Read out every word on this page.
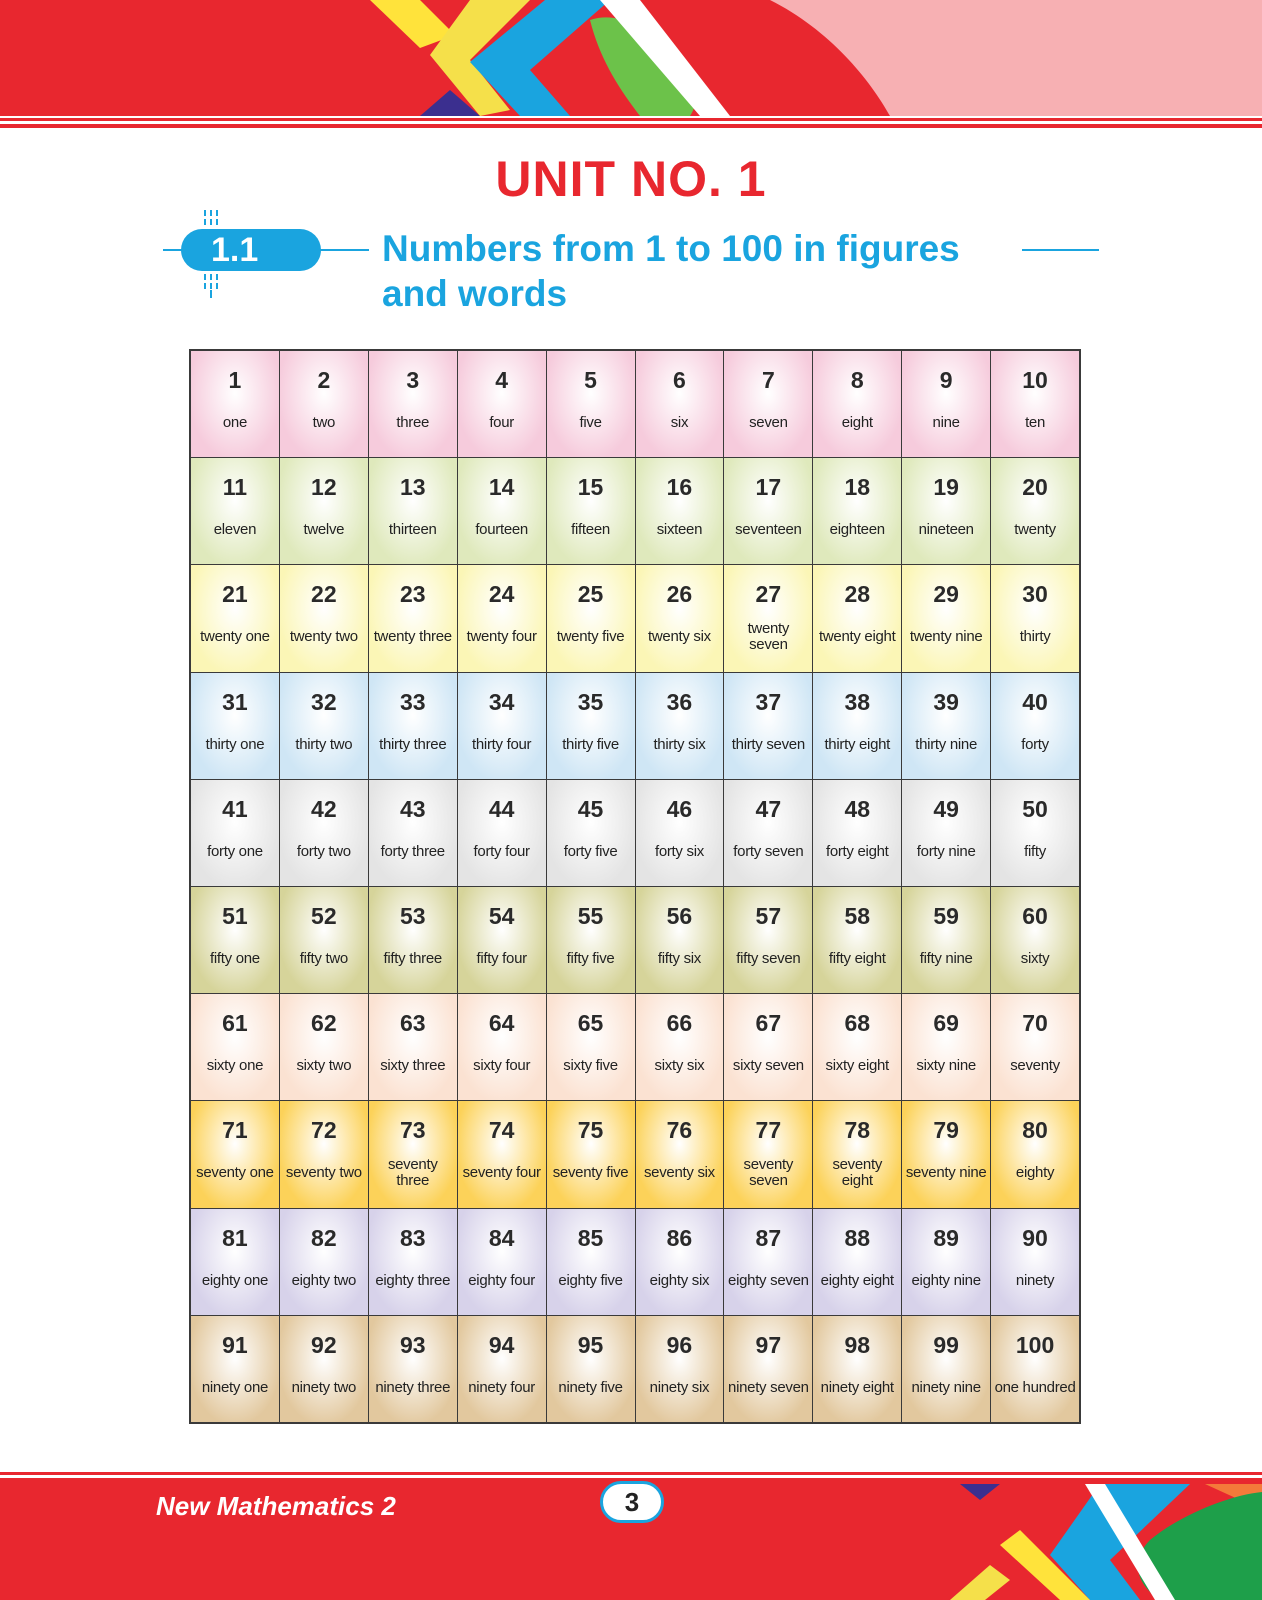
UNIT NO. 1
1.1	Numbers from 1 to 100 in figures and words
1
one
2
two
3
three
4
four
5
five
6
six
7
seven
8
eight
9
nine
10
ten
11
eleven
12
twelve
13
thirteen
14
fourteen
15
fifteen
16
sixteen
17
seventeen
18
eighteen
19
nineteen
20
twenty
21
twenty one
22
twenty two
23
twenty three
24
twenty four
25
twenty five
26
twenty six
27
twenty seven
28
twenty eight
29
twenty nine
30
thirty
31
thirty one
32
thirty two
33
thirty three
34
thirty four
35
thirty five
36
thirty six
37
thirty seven
38
thirty eight
39
thirty nine
40
forty
41
forty one
42
forty two
43
forty three
44
forty four
45
forty five
46
forty six
47
forty seven
48
forty eight
49
forty nine
50
fifty
51
fifty one
52
fifty two
53
fifty three
54
fifty four
55
fifty five
56
fifty six
57
fifty seven
58
fifty eight
59
fifty nine
60
sixty
61
sixty one
62
sixty two
63
sixty three
64
sixty four
65
sixty five
66
sixty six
67
sixty seven
68
sixty eight
69
sixty nine
70
seventy
71
seventy one
72
seventy two
73
seventy three
74
seventy four
75
seventy five
76
seventy six
77
seventy seven
78
seventy eight
79
seventy nine
80
eighty
81
eighty one
82
eighty two
83
eighty three
84
eighty four
85
eighty five
86
eighty six
87
eighty seven
88
eighty eight
89
eighty nine
90
ninety
91
ninety one
92
ninety two
93
ninety three
94
ninety four
95
ninety five
96
ninety six
97
ninety seven
98
ninety eight
99
ninety nine
100
one hundred
New Mathematics 2	3
